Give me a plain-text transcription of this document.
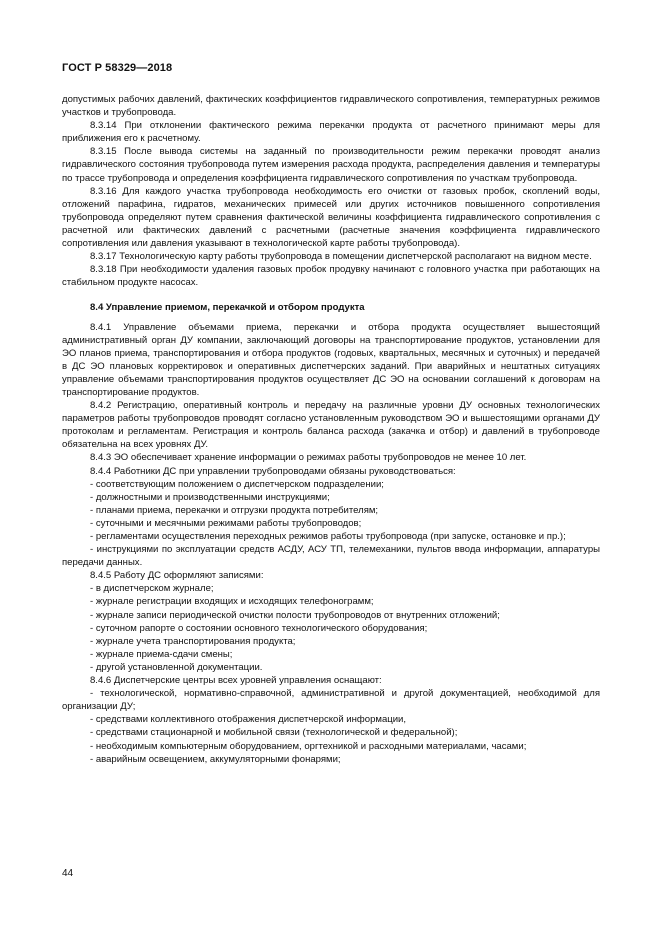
ГОСТ Р 58329—2018

допустимых рабочих давлений, фактических коэффициентов гидравлического сопротивления, температурных режимов участков и трубопровода.

8.3.14 При отклонении фактического режима перекачки продукта от расчетного принимают меры для приближения его к расчетному.

8.3.15 После вывода системы на заданный по производительности режим перекачки проводят анализ гидравлического состояния трубопровода путем измерения расхода продукта, распределения давления и температуры по трассе трубопровода и определения коэффициента гидравлического сопротивления по участкам трубопровода.

8.3.16 Для каждого участка трубопровода необходимость его очистки от газовых пробок, скоплений воды, отложений парафина, гидратов, механических примесей или других источников повышенного сопротивления трубопровода определяют путем сравнения фактической величины коэффициента гидравлического сопротивления с расчетной или фактических давлений с расчетными (расчетные значения коэффициента гидравлического сопротивления или давления указывают в технологической карте работы трубопровода).

8.3.17 Технологическую карту работы трубопровода в помещении диспетчерской располагают на видном месте.

8.3.18 При необходимости удаления газовых пробок продувку начинают с головного участка при работающих на стабильном продукте насосах.

8.4 Управление приемом, перекачкой и отбором продукта

8.4.1 Управление объемами приема, перекачки и отбора продукта осуществляет вышестоящий административный орган ДУ компании, заключающий договоры на транспортирование продуктов, установлении для ЭО планов приема, транспортирования и отбора продуктов (годовых, квартальных, месячных и суточных) и передачей в ДС ЭО плановых корректировок и оперативных диспетчерских заданий. При аварийных и нештатных ситуациях управление объемами транспортирования продуктов осуществляет ДС ЭО на основании соглашений к договорам на транспортирование продуктов.

8.4.2 Регистрацию, оперативный контроль и передачу на различные уровни ДУ основных технологических параметров работы трубопроводов проводят согласно установленным руководством ЭО и вышестоящими органами ДУ протоколам и регламентам. Регистрация и контроль баланса расхода (закачка и отбор) и давлений в трубопроводе обязательна на всех уровнях ДУ.

8.4.3 ЭО обеспечивает хранение информации о режимах работы трубопроводов не менее 10 лет.

8.4.4 Работники ДС при управлении трубопроводами обязаны руководствоваться:

- соответствующим положением о диспетчерском подразделении;

- должностными и производственными инструкциями;

- планами приема, перекачки и отгрузки продукта потребителям;

- суточными и месячными режимами работы трубопроводов;

- регламентами осуществления переходных режимов работы трубопровода (при запуске, остановке и пр.);

- инструкциями по эксплуатации средств АСДУ, АСУ ТП, телемеханики, пультов ввода информации, аппаратуры передачи данных.

8.4.5 Работу ДС оформляют записями:

- в диспетчерском журнале;

- журнале регистрации входящих и исходящих телефонограмм;

- журнале записи периодической очистки полости трубопроводов от внутренних отложений;

- суточном рапорте о состоянии основного технологического оборудования;

- журнале учета транспортирования продукта;

- журнале приема-сдачи смены;

- другой установленной документации.

8.4.6 Диспетчерские центры всех уровней управления оснащают:

- технологической, нормативно-справочной, административной и другой документацией, необходимой для организации ДУ;

- средствами коллективного отображения диспетчерской информации,

- средствами стационарной и мобильной связи (технологической и федеральной);

- необходимым компьютерным оборудованием, оргтехникой и расходными материалами, часами;

- аварийным освещением, аккумуляторными фонарями;

44
